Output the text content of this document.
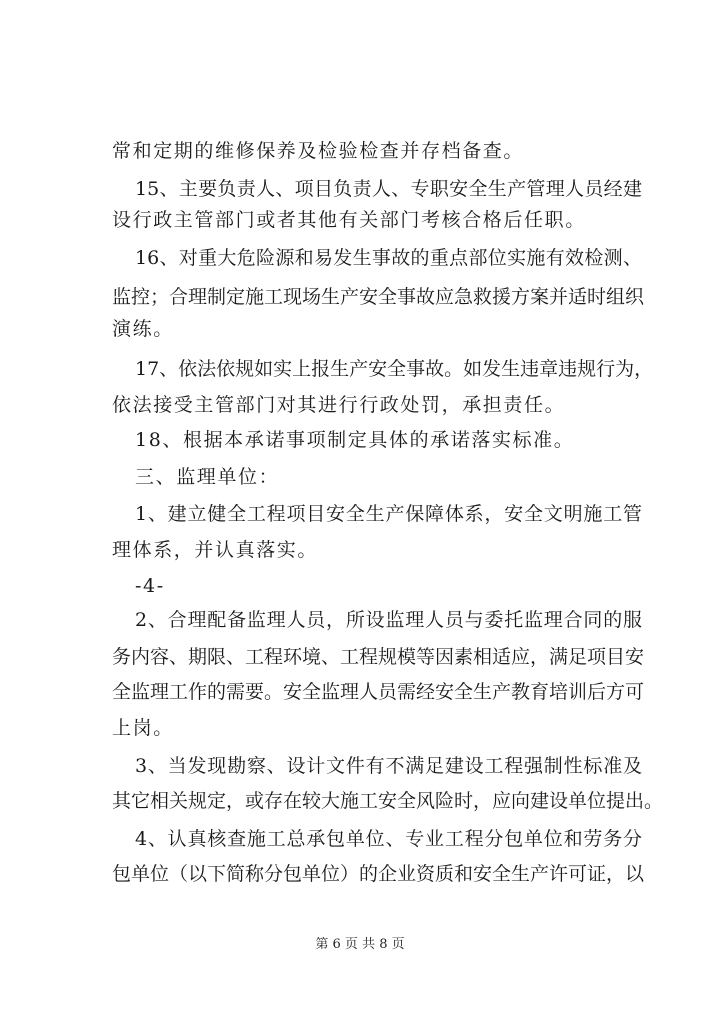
常和定期的维修保养及检验检查并存档备查。
15、主要负责人、项目负责人、专职安全生产管理人员经建
设行政主管部门或者其他有关部门考核合格后任职。
16、对重大危险源和易发生事故的重点部位实施有效检测、
监控；合理制定施工现场生产安全事故应急救援方案并适时组织
演练。
17、依法依规如实上报生产安全事故。如发生违章违规行为，
依法接受主管部门对其进行行政处罚，承担责任。
18、根据本承诺事项制定具体的承诺落实标准。
三、监理单位：
1、建立健全工程项目安全生产保障体系，安全文明施工管
理体系，并认真落实。
-4-
2、合理配备监理人员，所设监理人员与委托监理合同的服
务内容、期限、工程环境、工程规模等因素相适应，满足项目安
全监理工作的需要。安全监理人员需经安全生产教育培训后方可
上岗。
3、当发现勘察、设计文件有不满足建设工程强制性标准及
其它相关规定，或存在较大施工安全风险时，应向建设单位提出。
4、认真核查施工总承包单位、专业工程分包单位和劳务分
包单位（以下简称分包单位）的企业资质和安全生产许可证，以
第 6 页 共 8 页
